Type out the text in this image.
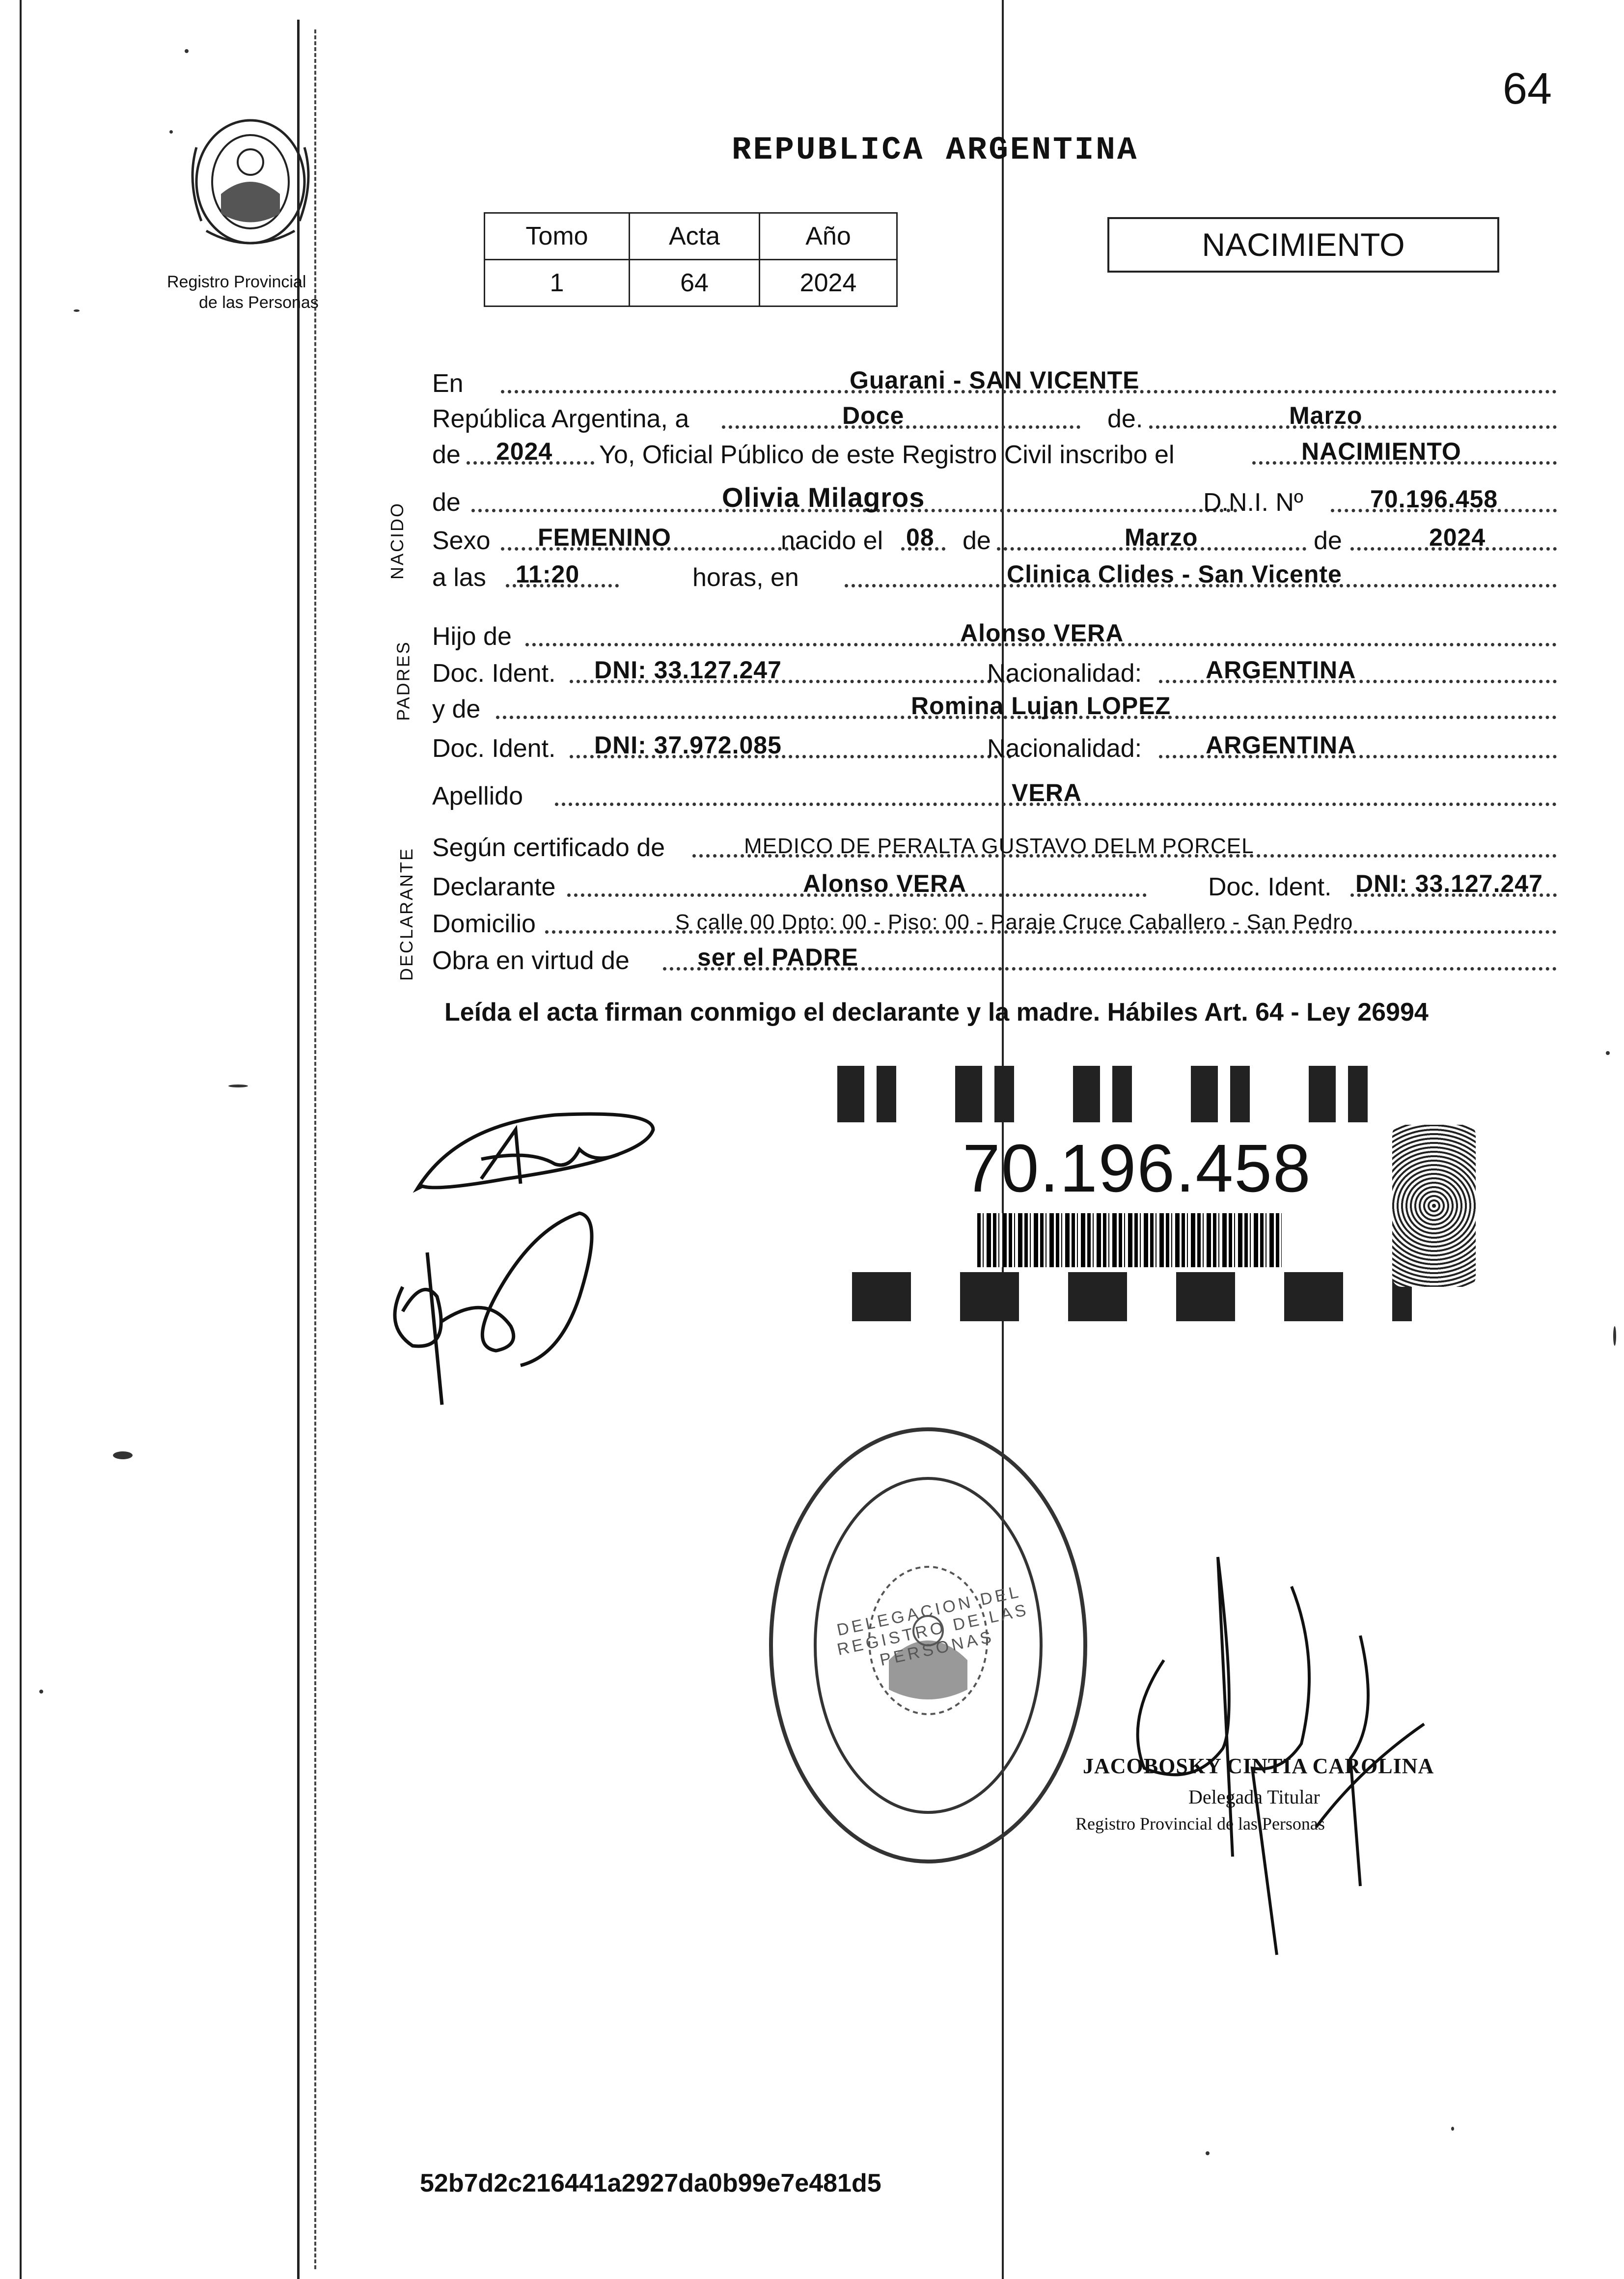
64
Registro Provincial
de las Personas
REPUBLICA ARGENTINA
Tomo	Acta	Año
1	64	2024
NACIMIENTO
NACIDO
PADRES
DECLARANTE
En	Guarani - SAN VICENTE
República Argentina, a	Doce	de.	Marzo
de 2024 Yo, Oficial Público de este Registro Civil inscribo el	NACIMIENTO
de	Olivia Milagros	D.N.I. Nº	70.196.458
Sexo FEMENINO	nacido el 08 de	Marzo	de	2024
a las 11:20	horas, en	Clinica Clides - San Vicente
Hijo de	Alonso VERA
Doc. Ident. DNI: 33.127.247	Nacionalidad:	ARGENTINA
y de	Romina Lujan LOPEZ
Doc. Ident. DNI: 37.972.085	Nacionalidad:	ARGENTINA
Apellido	VERA
Según certificado de	MEDICO DE PERALTA GUSTAVO DELM PORCEL
Declarante	Alonso VERA	Doc. Ident. DNI: 33.127.247
Domicilio	S calle 00 Dpto: 00 - Piso: 00 - Paraje Cruce Caballero - San Pedro
Obra en virtud de	ser el PADRE
Leída el acta firman conmigo el declarante y la madre. Hábiles Art. 64 - Ley 26994
70.196.458
DELEGACION DEL REGISTRO DE LAS PERSONAS
JACOBOSKY CINTIA CAROLINA
Delegada Titular
Registro Provincial de las Personas
52b7d2c216441a2927da0b99e7e481d5
